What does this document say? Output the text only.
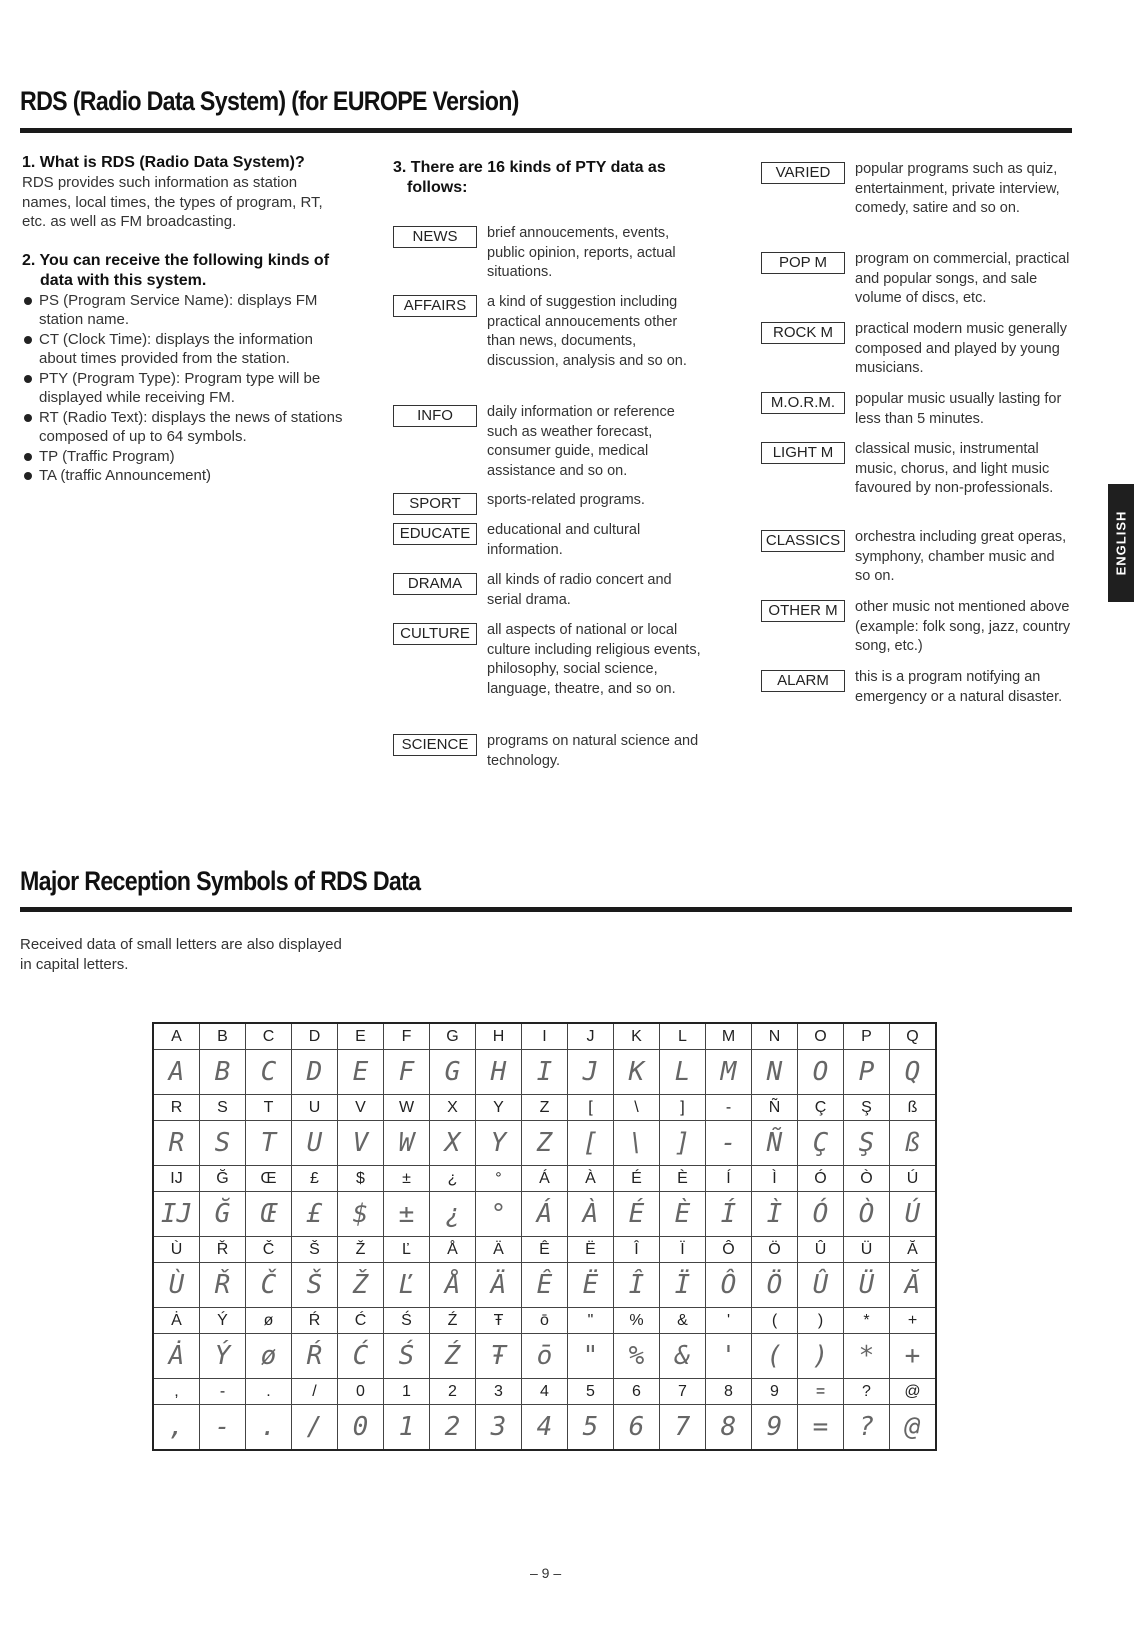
RDS (Radio Data System) (for EUROPE Version)
1. What is RDS (Radio Data System)?
RDS provides such information as station names, local times, the types of program, RT, etc. as well as FM broadcasting.
2. You can receive the following kinds of data with this system.
PS (Program Service Name): displays FM station name.
CT (Clock Time): displays the information about times provided from the station.
PTY (Program Type): Program type will be displayed while receiving FM.
RT (Radio Text): displays the news of stations composed of up to 64 symbols.
TP (Traffic Program)
TA (traffic Announcement)
3. There are 16 kinds of PTY data as follows:
NEWS	brief annoucements, events, public opinion, reports, actual situations.
AFFAIRS	a kind of suggestion including practical annoucements other than news, documents, discussion, analysis and so on.
INFO	daily information or reference such as weather forecast, consumer guide, medical assistance and so on.
SPORT	sports-related programs.
EDUCATE	educational and cultural information.
DRAMA	all kinds of radio concert and serial drama.
CULTURE	all aspects of national or local culture including religious events, philosophy, social science, language, theatre, and so on.
SCIENCE	programs on natural science and technology.
VARIED	popular programs such as quiz, entertainment, private interview, comedy, satire and so on.
POP M	program on commercial, practical and popular songs, and sale volume of discs, etc.
ROCK M	practical modern music generally composed and played by young musicians.
M.O.R.M.	popular music usually lasting for less than 5 minutes.
LIGHT M	classical music, instrumental music, chorus, and light music favoured by non-professionals.
CLASSICS	orchestra including great operas, symphony, chamber music and so on.
OTHER M	other music not mentioned above (example: folk song, jazz, country song, etc.)
ALARM	this is a program notifying an emergency or a natural disaster.
ENGLISH
Major Reception Symbols of RDS Data
Received data of small letters are also displayed in capital letters.
A	B	C	D	E	F	G	H	I	J	K	L	M	N	O	P	Q
A	B	C	D	E	F	G	H	I	J	K	L	M	N	O	P	Q
R	S	T	U	V	W	X	Y	Z	[	\	]	-	Ñ	Ç	Ş	ß
R	S	T	U	V	W	X	Y	Z	[	\	]	-	Ñ	Ç	Ş	ß
IJ	Ğ	Œ	£	$	±	¿	°	Á	À	É	È	Í	Ì	Ó	Ò	Ú
IJ	Ğ	Œ	£	$	±	¿	°	Á	À	É	È	Í	Ì	Ó	Ò	Ú
Ù	Ř	Č	Š	Ž	Ľ	Å	Ä	Ê	Ë	Î	Ï	Ô	Ö	Û	Ü	Ă
Ù	Ř	Č	Š	Ž	Ľ	Å	Ä	Ê	Ë	Î	Ï	Ô	Ö	Û	Ü	Ă
Ȧ	Ý	ø	Ŕ	Ć	Ś	Ź	Ŧ	ō	"	%	&	'	(	)	*	+
Ȧ	Ý	ø	Ŕ	Ć	Ś	Ź	Ŧ	ō	"	%	&	'	(	)	*	+
,	-	.	/	0	1	2	3	4	5	6	7	8	9	=	?	@
,	-	.	/	0	1	2	3	4	5	6	7	8	9	=	?	@
– 9 –
